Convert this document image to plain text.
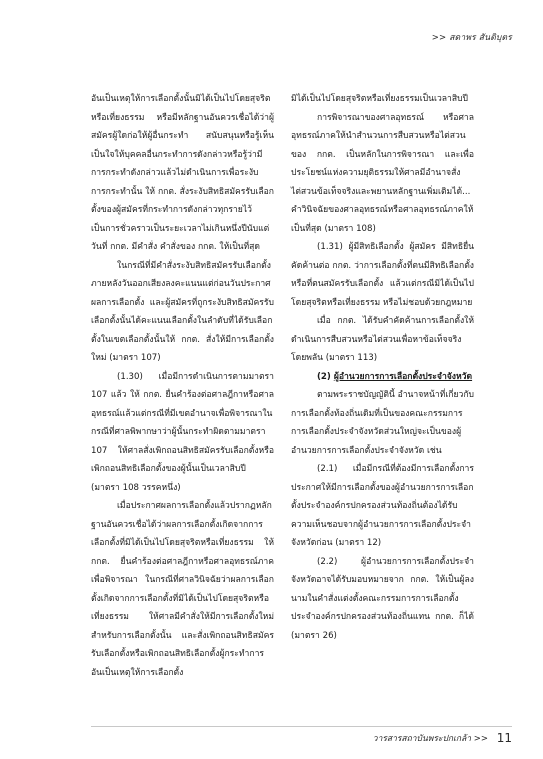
>> สดาพร สันติบุตร

อันเป็นเหตุให้การเลือกตั้งนั้นมิได้เป็นไปโดยสุจริตหรือเที่ยงธรรม หรือมีหลักฐานอันควรเชื่อได้ว่าผู้สมัครผู้ใดก่อให้ผู้อื่นกระทำ สนับสนุนหรือรู้เห็นเป็นใจให้บุคคลอื่นกระทำการดังกล่าวหรือรู้ว่ามีการกระทำดังกล่าวแล้วไม่ดำเนินการเพื่อระงับการกระทำนั้น ให้ กกต. สั่งระงับสิทธิสมัครรับเลือกตั้งของผู้สมัครที่กระทำการดังกล่าวทุกรายไว้เป็นการชั่วคราวเป็นระยะเวลาไม่เกินหนึ่งปีนับแต่วันที่ กกต. มีคำสั่ง คำสั่งของ กกต. ให้เป็นที่สุด

ในกรณีที่มีคำสั่งระงับสิทธิสมัครรับเลือกตั้งภายหลังวันออกเสียงลงคะแนนแต่ก่อนวันประกาศผลการเลือกตั้ง และผู้สมัครที่ถูกระงับสิทธิสมัครรับเลือกตั้งนั้นได้คะแนนเลือกตั้งในลำดับที่ได้รับเลือกตั้งในเขตเลือกตั้งนั้นให้ กกต. สั่งให้มีการเลือกตั้งใหม่ (มาตรา 107)

(1.30) เมื่อมีการดำเนินการตามมาตรา 107 แล้ว ให้ กกต. ยื่นคำร้องต่อศาลฎีกาหรือศาลอุทธรณ์แล้วแต่กรณีที่มีเขตอำนาจเพื่อพิจารณาในกรณีที่ศาลพิพากษาว่าผู้นั้นกระทำผิดตามมาตรา 107 ให้ศาลสั่งเพิกถอนสิทธิสมัครรับเลือกตั้งหรือเพิกถอนสิทธิเลือกตั้งของผู้นั้นเป็นเวลาสิบปี (มาตรา 108 วรรคหนึ่ง)

เมื่อประกาศผลการเลือกตั้งแล้วปรากฏหลักฐานอันควรเชื่อได้ว่าผลการเลือกตั้งเกิดจากการเลือกตั้งที่มิได้เป็นไปโดยสุจริตหรือเที่ยงธรรม ให้ กกต. ยื่นคำร้องต่อศาลฎีกาหรือศาลอุทธรณ์ภาคเพื่อพิจารณา ในกรณีที่ศาลวินิจฉัยว่าผลการเลือกตั้งเกิดจากการเลือกตั้งที่มิได้เป็นไปโดยสุจริตหรือเที่ยงธรรม ให้ศาลมีคำสั่งให้มีการเลือกตั้งใหม่สำหรับการเลือกตั้งนั้น และสั่งเพิกถอนสิทธิสมัครรับเลือกตั้งหรือเพิกถอนสิทธิเลือกตั้งผู้กระทำการอันเป็นเหตุให้การเลือกตั้ง

มิได้เป็นไปโดยสุจริตหรือเที่ยงธรรมเป็นเวลาสิบปี

การพิจารณาของศาลอุทธรณ์ หรือศาลอุทธรณ์ภาคให้นำสำนวนการสืบสวนหรือไต่สวนของ กกต. เป็นหลักในการพิจารณา และเพื่อประโยชน์แห่งความยุติธรรมให้ศาลมีอำนาจสั่งไต่สวนข้อเท็จจริงและพยานหลักฐานเพิ่มเติมได้... คำวินิจฉัยของศาลอุทธรณ์หรือศาลอุทธรณ์ภาคให้เป็นที่สุด (มาตรา 108)

(1.31) ผู้มีสิทธิเลือกตั้ง ผู้สมัคร มีสิทธิยื่นคัดค้านต่อ กกต. ว่าการเลือกตั้งที่ตนมีสิทธิเลือกตั้ง หรือที่ตนสมัครรับเลือกตั้ง แล้วแต่กรณีมิได้เป็นไปโดยสุจริตหรือเที่ยงธรรม หรือไม่ชอบด้วยกฎหมาย

เมื่อ กกต. ได้รับคำคัดค้านการเลือกตั้งให้ดำเนินการสืบสวนหรือไต่สวนเพื่อหาข้อเท็จจริงโดยพลัน (มาตรา 113)

(2) ผู้อำนวยการการเลือกตั้งประจำจังหวัด

ตามพระราชบัญญัตินี้ อำนาจหน้าที่เกี่ยวกับการเลือกตั้งท้องถิ่นเดิมที่เป็นของคณะกรรมการการเลือกตั้งประจำจังหวัดส่วนใหญ่จะเป็นของผู้อำนวยการการเลือกตั้งประจำจังหวัด เช่น

(2.1) เมื่อมีกรณีที่ต้องมีการเลือกตั้งการประกาศให้มีการเลือกตั้งของผู้อำนวยการการเลือกตั้งประจำองค์กรปกครองส่วนท้องถิ่นต้องได้รับความเห็นชอบจากผู้อำนวยการการเลือกตั้งประจำจังหวัดก่อน (มาตรา 12)

(2.2) ผู้อำนวยการการเลือกตั้งประจำจังหวัดอาจได้รับมอบหมายจาก กกต. ให้เป็นผู้ลงนามในคำสั่งแต่งตั้งคณะกรรมการการเลือกตั้งประจำองค์กรปกครองส่วนท้องถิ่นแทน กกต. ก็ได้ (มาตรา 26)

วารสารสถาบันพระปกเกล้า >> 11
